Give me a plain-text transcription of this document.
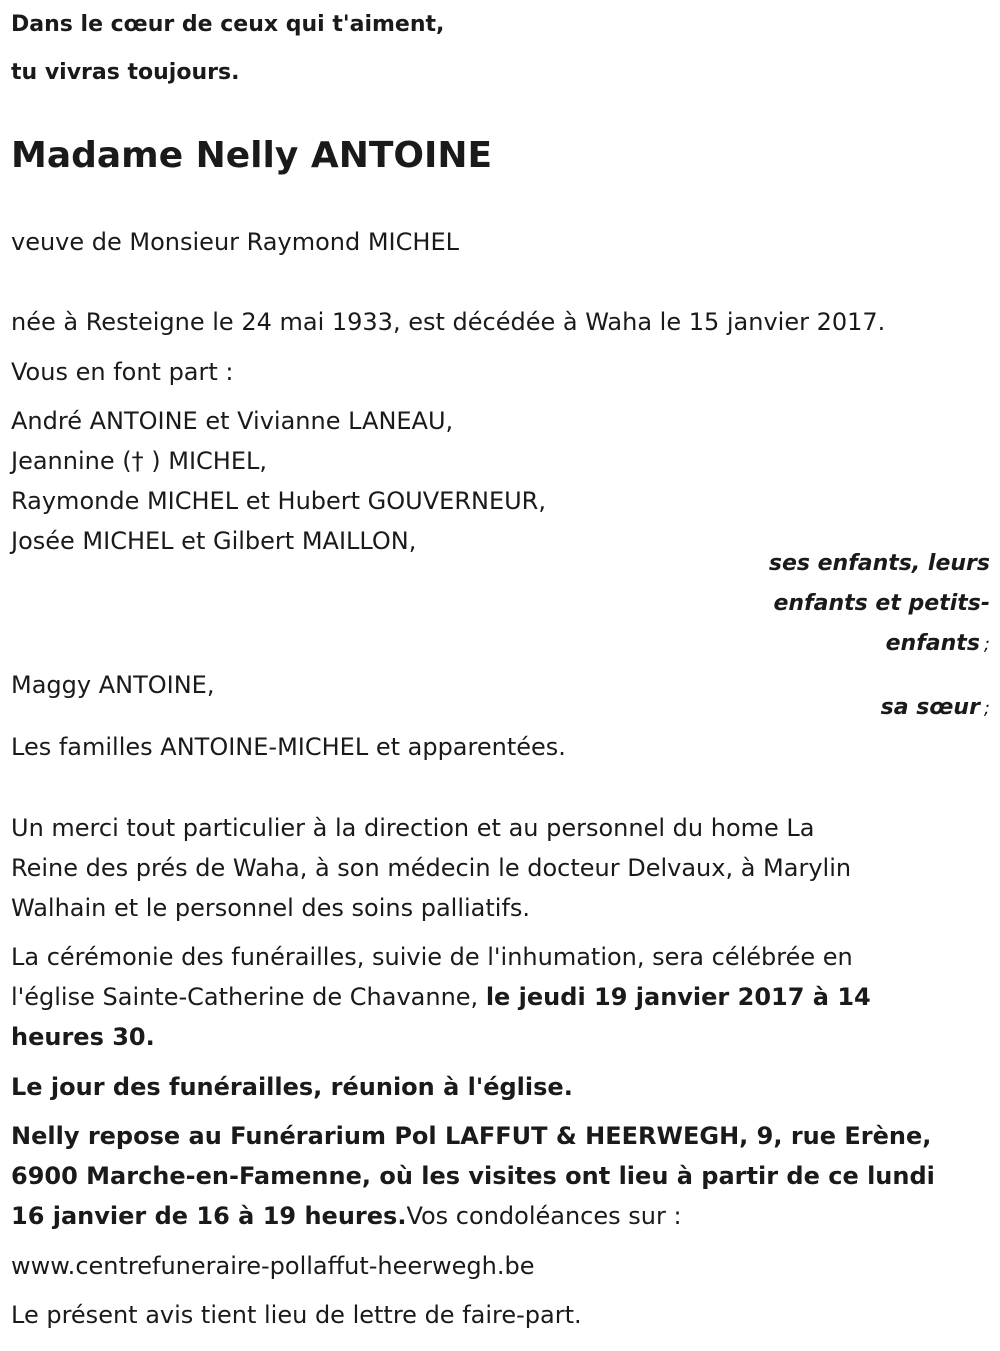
Dans le cœur de ceux qui t'aiment,

tu vivras toujours.

Madame Nelly ANTOINE

veuve de Monsieur Raymond MICHEL

née à Resteigne le 24 mai 1933, est décédée à Waha le 15 janvier 2017.

Vous en font part :

André ANTOINE et Vivianne LANEAU,

Jeannine († ) MICHEL,

Raymonde MICHEL et Hubert GOUVERNEUR,

Josée MICHEL et Gilbert MAILLON,

ses enfants, leurs
enfants et petits-
enfants ;

Maggy ANTOINE,

sa sœur ;

Les familles ANTOINE-MICHEL et apparentées.

Un merci tout particulier à la direction et au personnel du home La

Reine des prés de Waha, à son médecin le docteur Delvaux, à Marylin

Walhain et le personnel des soins palliatifs.

La cérémonie des funérailles, suivie de l'inhumation, sera célébrée en

l'église Sainte-Catherine de Chavanne, le jeudi 19 janvier 2017 à 14

heures 30.

Le jour des funérailles, réunion à l'église.

Nelly repose au Funérarium Pol LAFFUT & HEERWEGH, 9, rue Erène,

6900 Marche-en-Famenne, où les visites ont lieu à partir de ce lundi

16 janvier de 16 à 19 heures.Vos condoléances sur :

www.centrefuneraire-pollaffut-heerwegh.be

Le présent avis tient lieu de lettre de faire-part.
